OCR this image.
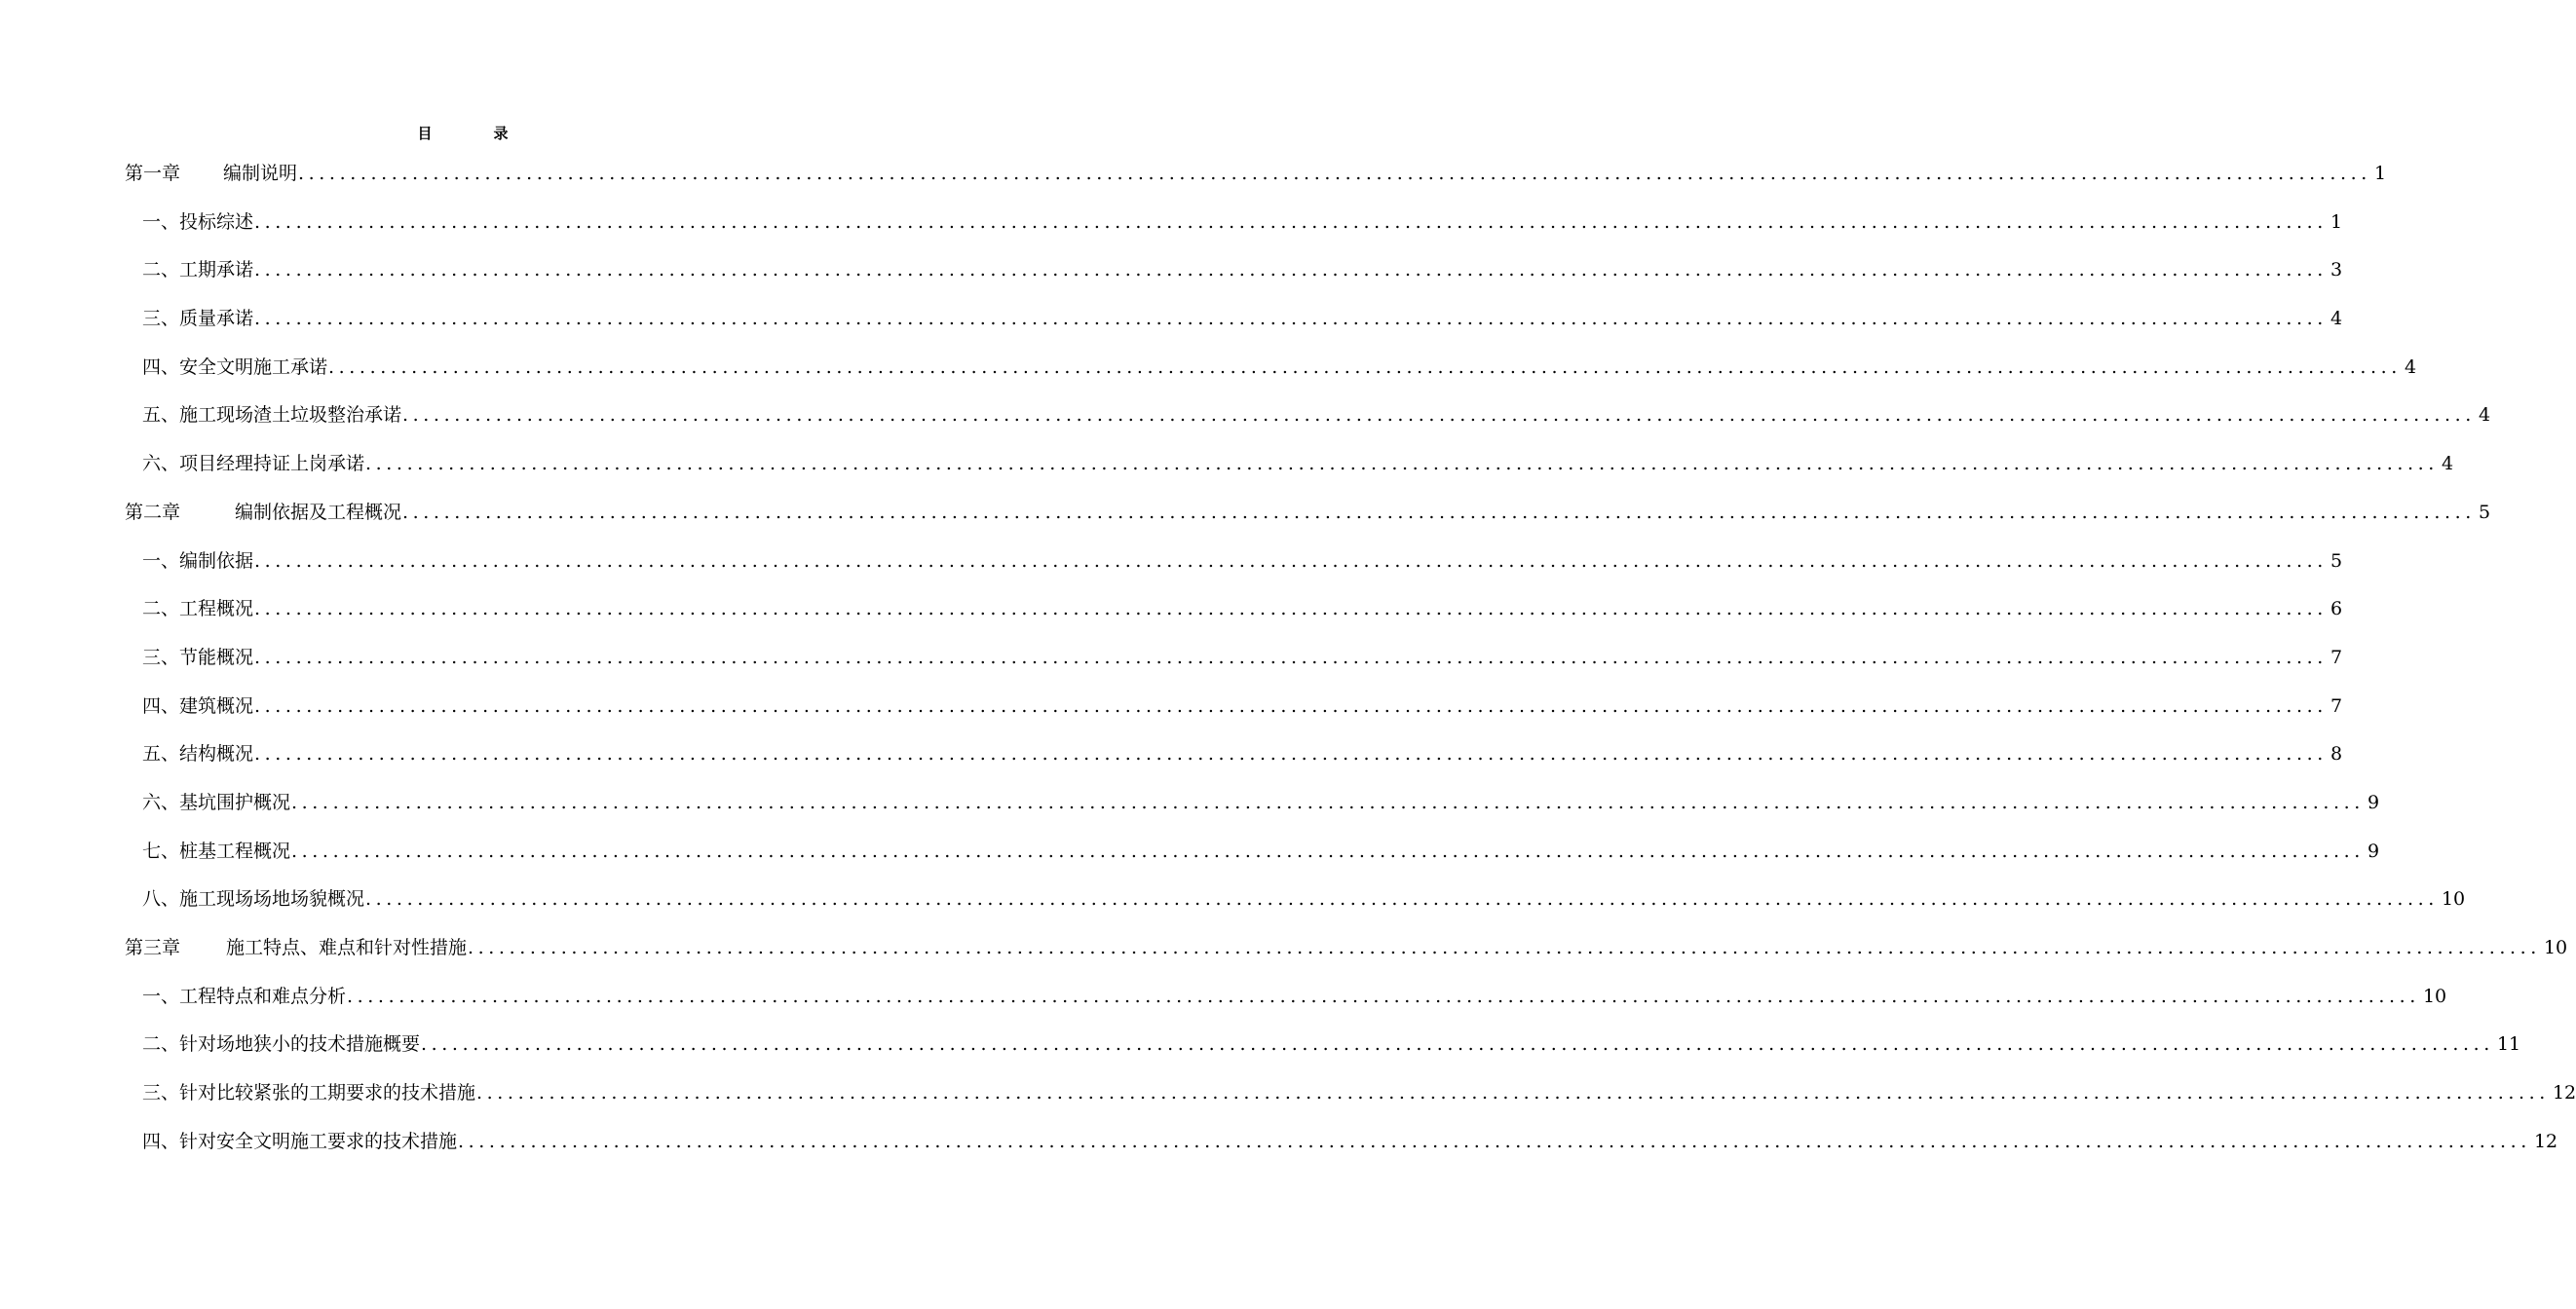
目　录
第一章 编制说明 ........................................................................................................................................................................................................ 1
一、投标综述 ........................................................................................................................................................................................................ 1
二、工期承诺 ........................................................................................................................................................................................................ 3
三、质量承诺 ........................................................................................................................................................................................................ 4
四、安全文明施工承诺 ........................................................................................................................................................................................................ 4
五、施工现场渣土垃圾整治承诺 ........................................................................................................................................................................................................ 4
六、项目经理持证上岗承诺 ........................................................................................................................................................................................................ 4
第二章	编制依据及工程概况 ........................................................................................................................................................................................................ 5
一、编制依据 ........................................................................................................................................................................................................ 5
二、工程概况 ........................................................................................................................................................................................................ 6
三、节能概况 ........................................................................................................................................................................................................ 7
四、建筑概况 ........................................................................................................................................................................................................ 7
五、结构概况 ........................................................................................................................................................................................................ 8
六、基坑围护概况 ........................................................................................................................................................................................................ 9
七、桩基工程概况 ........................................................................................................................................................................................................ 9
八、施工现场场地场貌概况 ........................................................................................................................................................................................................ 10
第三章 施工特点、难点和针对性措施 ........................................................................................................................................................................................................ 10
一、工程特点和难点分析 ........................................................................................................................................................................................................ 10
二、针对场地狭小的技术措施概要 ........................................................................................................................................................................................................ 11
三、针对比较紧张的工期要求的技术措施 ........................................................................................................................................................................................................ 12
四、针对安全文明施工要求的技术措施 ........................................................................................................................................................................................................ 12
